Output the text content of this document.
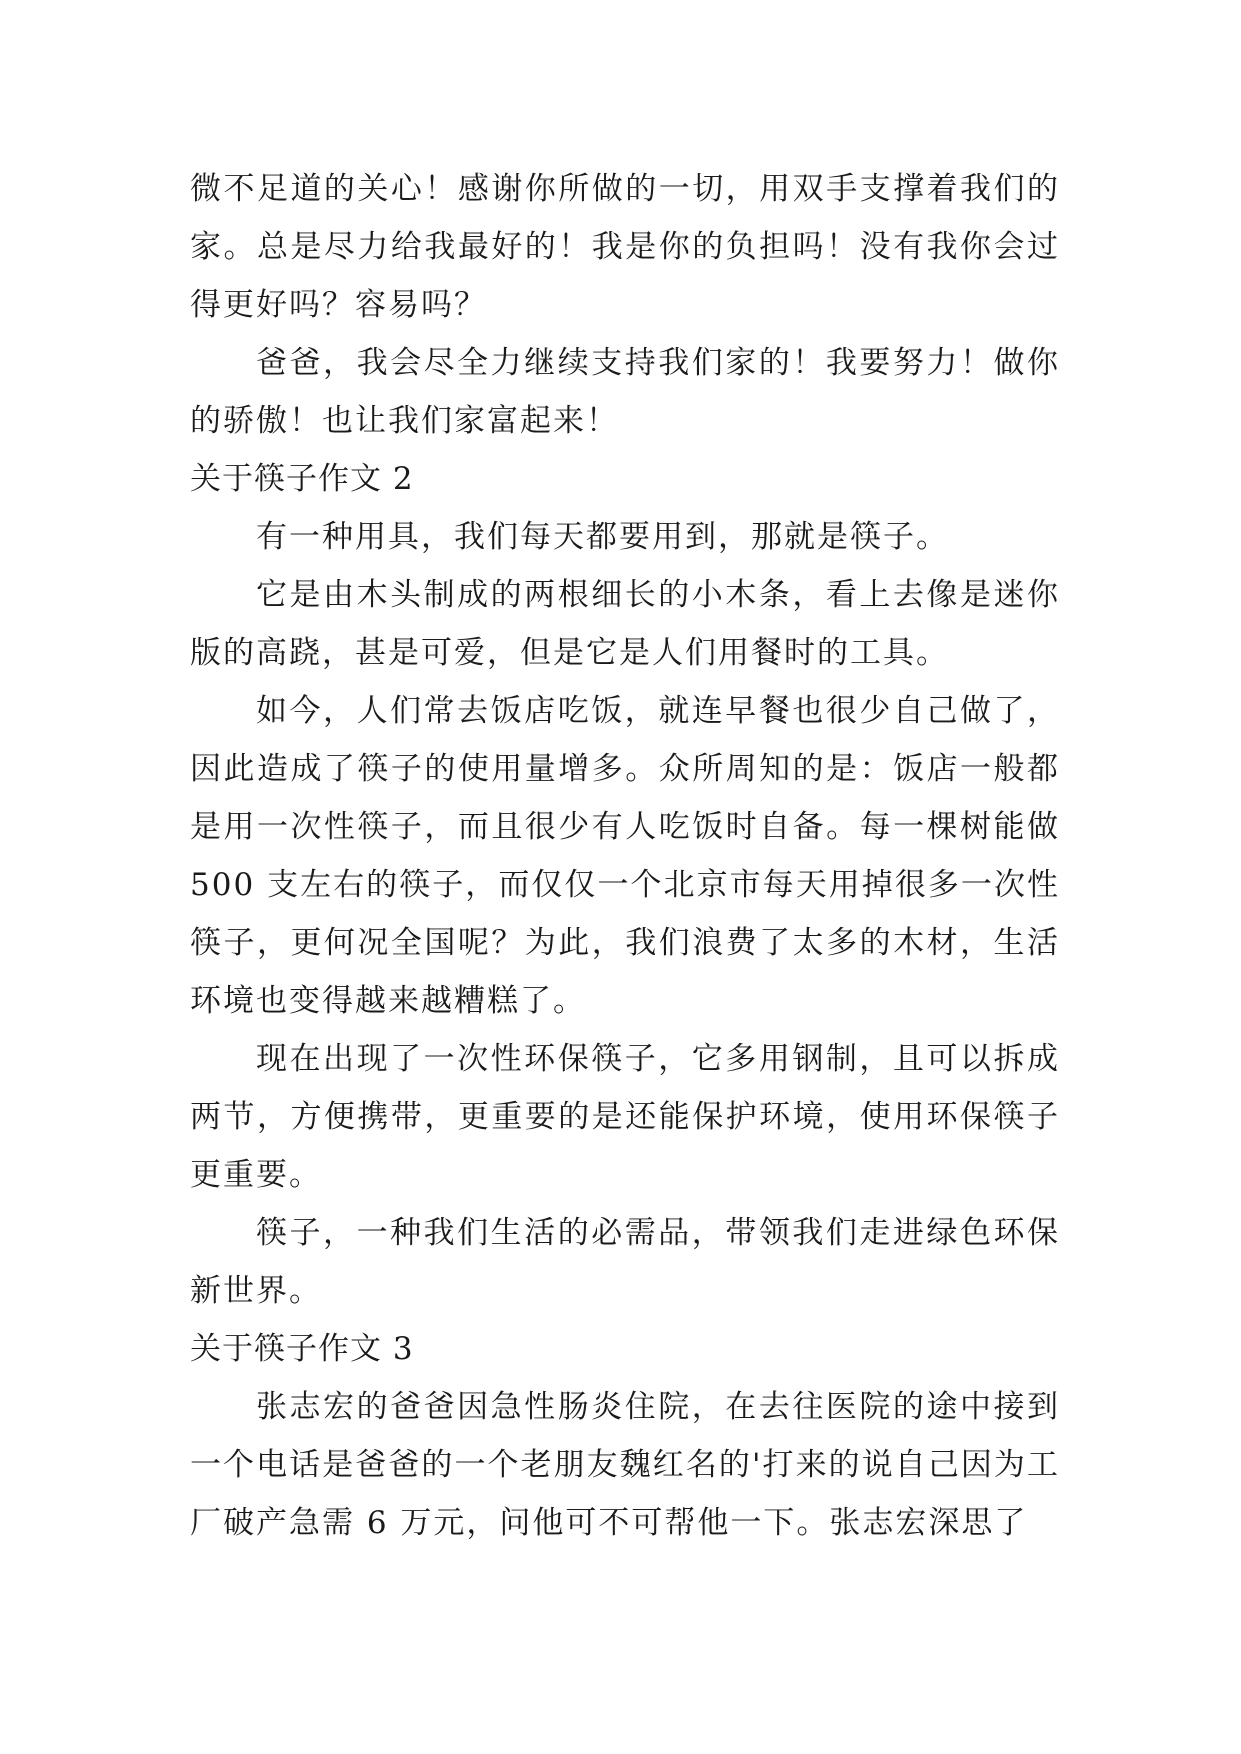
微不足道的关心！感谢你所做的一切，用双手支撑着我们的家。总是尽力给我最好的！我是你的负担吗！没有我你会过得更好吗？容易吗？

爸爸，我会尽全力继续支持我们家的！我要努力！做你的骄傲！也让我们家富起来！

关于筷子作文 2

有一种用具，我们每天都要用到，那就是筷子。

它是由木头制成的两根细长的小木条，看上去像是迷你版的高跷，甚是可爱，但是它是人们用餐时的工具。

如今，人们常去饭店吃饭，就连早餐也很少自己做了，因此造成了筷子的使用量增多。众所周知的是：饭店一般都是用一次性筷子，而且很少有人吃饭时自备。每一棵树能做 500 支左右的筷子，而仅仅一个北京市每天用掉很多一次性筷子，更何况全国呢？为此，我们浪费了太多的木材，生活环境也变得越来越糟糕了。

现在出现了一次性环保筷子，它多用钢制，且可以拆成两节，方便携带，更重要的是还能保护环境，使用环保筷子更重要。

筷子，一种我们生活的必需品，带领我们走进绿色环保新世界。

关于筷子作文 3

张志宏的爸爸因急性肠炎住院，在去往医院的途中接到一个电话是爸爸的一个老朋友魏红名的'打来的说自己因为工厂破产急需 6 万元，问他可不可帮他一下。张志宏深思了
